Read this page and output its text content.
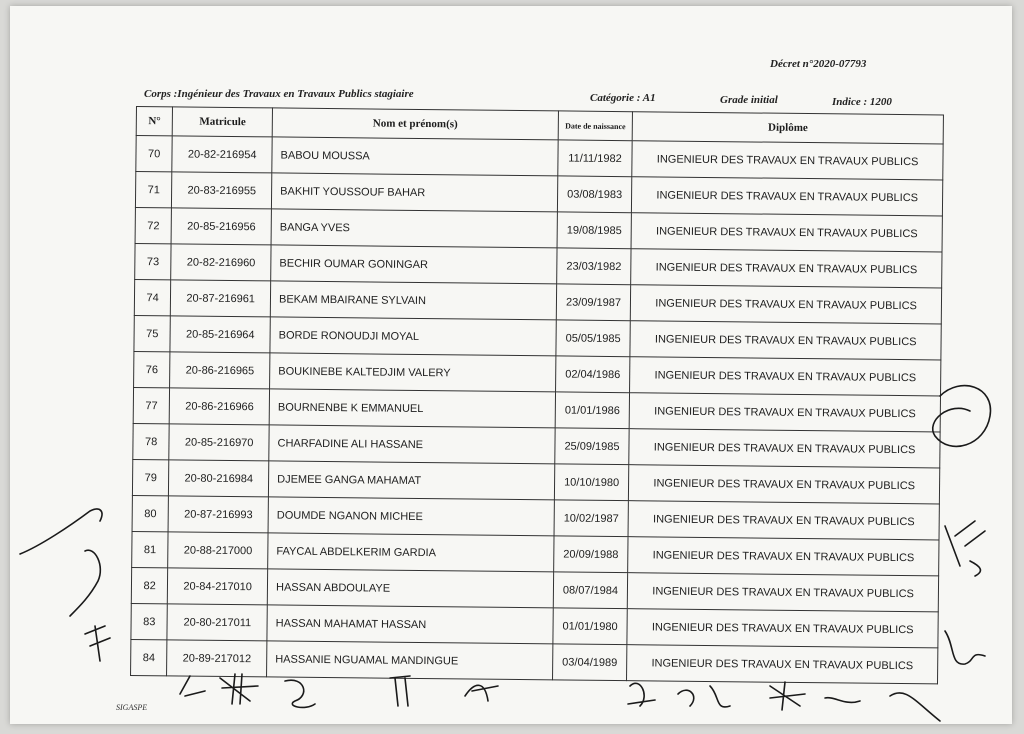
Décret n°2020-07793
Corps :Ingénieur des Travaux en Travaux Publics stagiaire	Catégorie : A1	Grade initial	Indice : 1200
N°	Matricule	Nom et prénom(s)	Date de naissance	Diplôme
70	20-82-216954	BABOU MOUSSA	11/11/1982	INGENIEUR DES TRAVAUX EN TRAVAUX PUBLICS
71	20-83-216955	BAKHIT YOUSSOUF BAHAR	03/08/1983	INGENIEUR DES TRAVAUX EN TRAVAUX PUBLICS
72	20-85-216956	BANGA YVES	19/08/1985	INGENIEUR DES TRAVAUX EN TRAVAUX PUBLICS
73	20-82-216960	BECHIR OUMAR GONINGAR	23/03/1982	INGENIEUR DES TRAVAUX EN TRAVAUX PUBLICS
74	20-87-216961	BEKAM MBAIRANE SYLVAIN	23/09/1987	INGENIEUR DES TRAVAUX EN TRAVAUX PUBLICS
75	20-85-216964	BORDE RONOUDJI MOYAL	05/05/1985	INGENIEUR DES TRAVAUX EN TRAVAUX PUBLICS
76	20-86-216965	BOUKINEBE KALTEDJIM VALERY	02/04/1986	INGENIEUR DES TRAVAUX EN TRAVAUX PUBLICS
77	20-86-216966	BOURNENBE K EMMANUEL	01/01/1986	INGENIEUR DES TRAVAUX EN TRAVAUX PUBLICS
78	20-85-216970	CHARFADINE ALI HASSANE	25/09/1985	INGENIEUR DES TRAVAUX EN TRAVAUX PUBLICS
79	20-80-216984	DJEMEE GANGA MAHAMAT	10/10/1980	INGENIEUR DES TRAVAUX EN TRAVAUX PUBLICS
80	20-87-216993	DOUMDE NGANON MICHEE	10/02/1987	INGENIEUR DES TRAVAUX EN TRAVAUX PUBLICS
81	20-88-217000	FAYCAL ABDELKERIM GARDIA	20/09/1988	INGENIEUR DES TRAVAUX EN TRAVAUX PUBLICS
82	20-84-217010	HASSAN ABDOULAYE	08/07/1984	INGENIEUR DES TRAVAUX EN TRAVAUX PUBLICS
83	20-80-217011	HASSAN MAHAMAT HASSAN	01/01/1980	INGENIEUR DES TRAVAUX EN TRAVAUX PUBLICS
84	20-89-217012	HASSANIE NGUAMAL MANDINGUE	03/04/1989	INGENIEUR DES TRAVAUX EN TRAVAUX PUBLICS
SIGASPE
